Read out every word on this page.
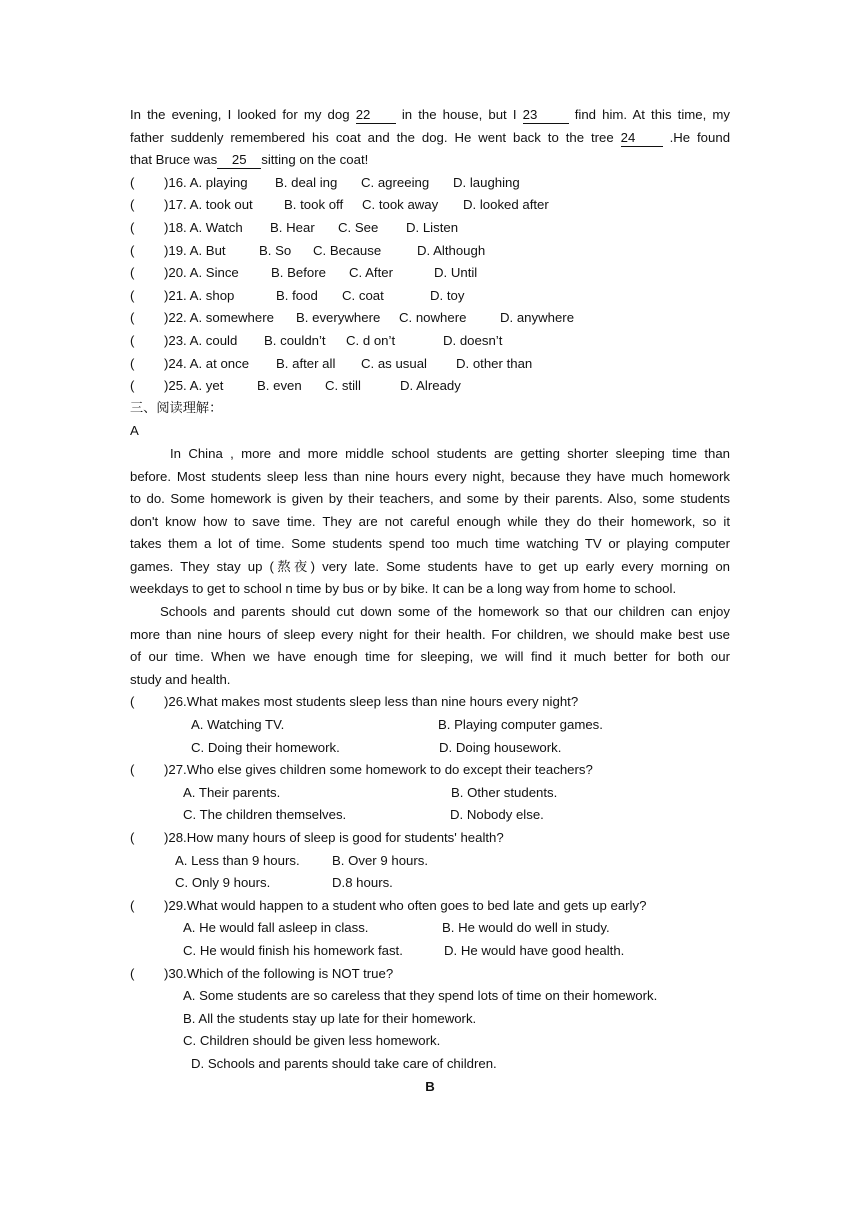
In the evening, I looked for my dog 22 in the house, but I 23	find him. At this time, my
father suddenly remembered his coat and the dog. He went back to the tree 24	.He found
that Bruce was 25 sitting on the coat!
( )16. A. playing B. deal ing C. agreeing D. laughing
( )17. A. took out B. took off C. took away D. looked after
( )18. A. Watch B. Hear C. See D. Listen
( )19. A. But	B. So C. Because	D. Although
( )20. A. Since B. Before C. After	D. Until
( )21. A. shop	B. food C. coat	D. toy
( )22. A. somewhere B. everywhere C. nowhere	D. anywhere
( )23. A. could B. couldn’t C. d on’t	D. doesn’t
( )24. A. at once B. after all C. as usual D. other than
( )25. A. yet	B. even C. still	D. Already
三、阅读理解：
A
In China , more and more middle school students are getting shorter sleeping time than
before. Most students sleep less than nine hours every night, because they have much homework
to do. Some homework is given by their teachers, and some by their parents. Also, some students
don't know how to save time. They are not careful enough while they do their homework, so it
takes them a lot of time. Some students spend too much time watching TV or playing computer
games. They stay up (熬夜) very late. Some students have to get up early every morning on
weekdays to get to school n time by bus or by bike. It can be a long way from home to school.
Schools and parents should cut down some of the homework so that our children can enjoy
more than nine hours of sleep every night for their health. For children, we should make best use
of our time. When we have enough time for sleeping, we will find it much better for both our
study and health.
( )26.What makes most students sleep less than nine hours every night?
A. Watching TV.	B. Playing computer games.
C. Doing their homework.	D. Doing housework.
( )27.Who else gives children some homework to do except their teachers?
A. Their parents.	B. Other students.
C. The children themselves.	D. Nobody else.
( )28.How many hours of sleep is good for students' health?
A. Less than 9 hours. B. Over 9 hours.
C. Only 9 hours.	D.8 hours.
( )29.What would happen to a student who often goes to bed late and gets up early?
A. He would fall asleep in class.	B. He would do well in study.
C. He would finish his homework fast.	D. He would have good health.
( )30.Which of the following is NOT true?
A. Some students are so careless that they spend lots of time on their homework.
B. All the students stay up late for their homework.
C. Children should be given less homework.
D. Schools and parents should take care of children.
B
